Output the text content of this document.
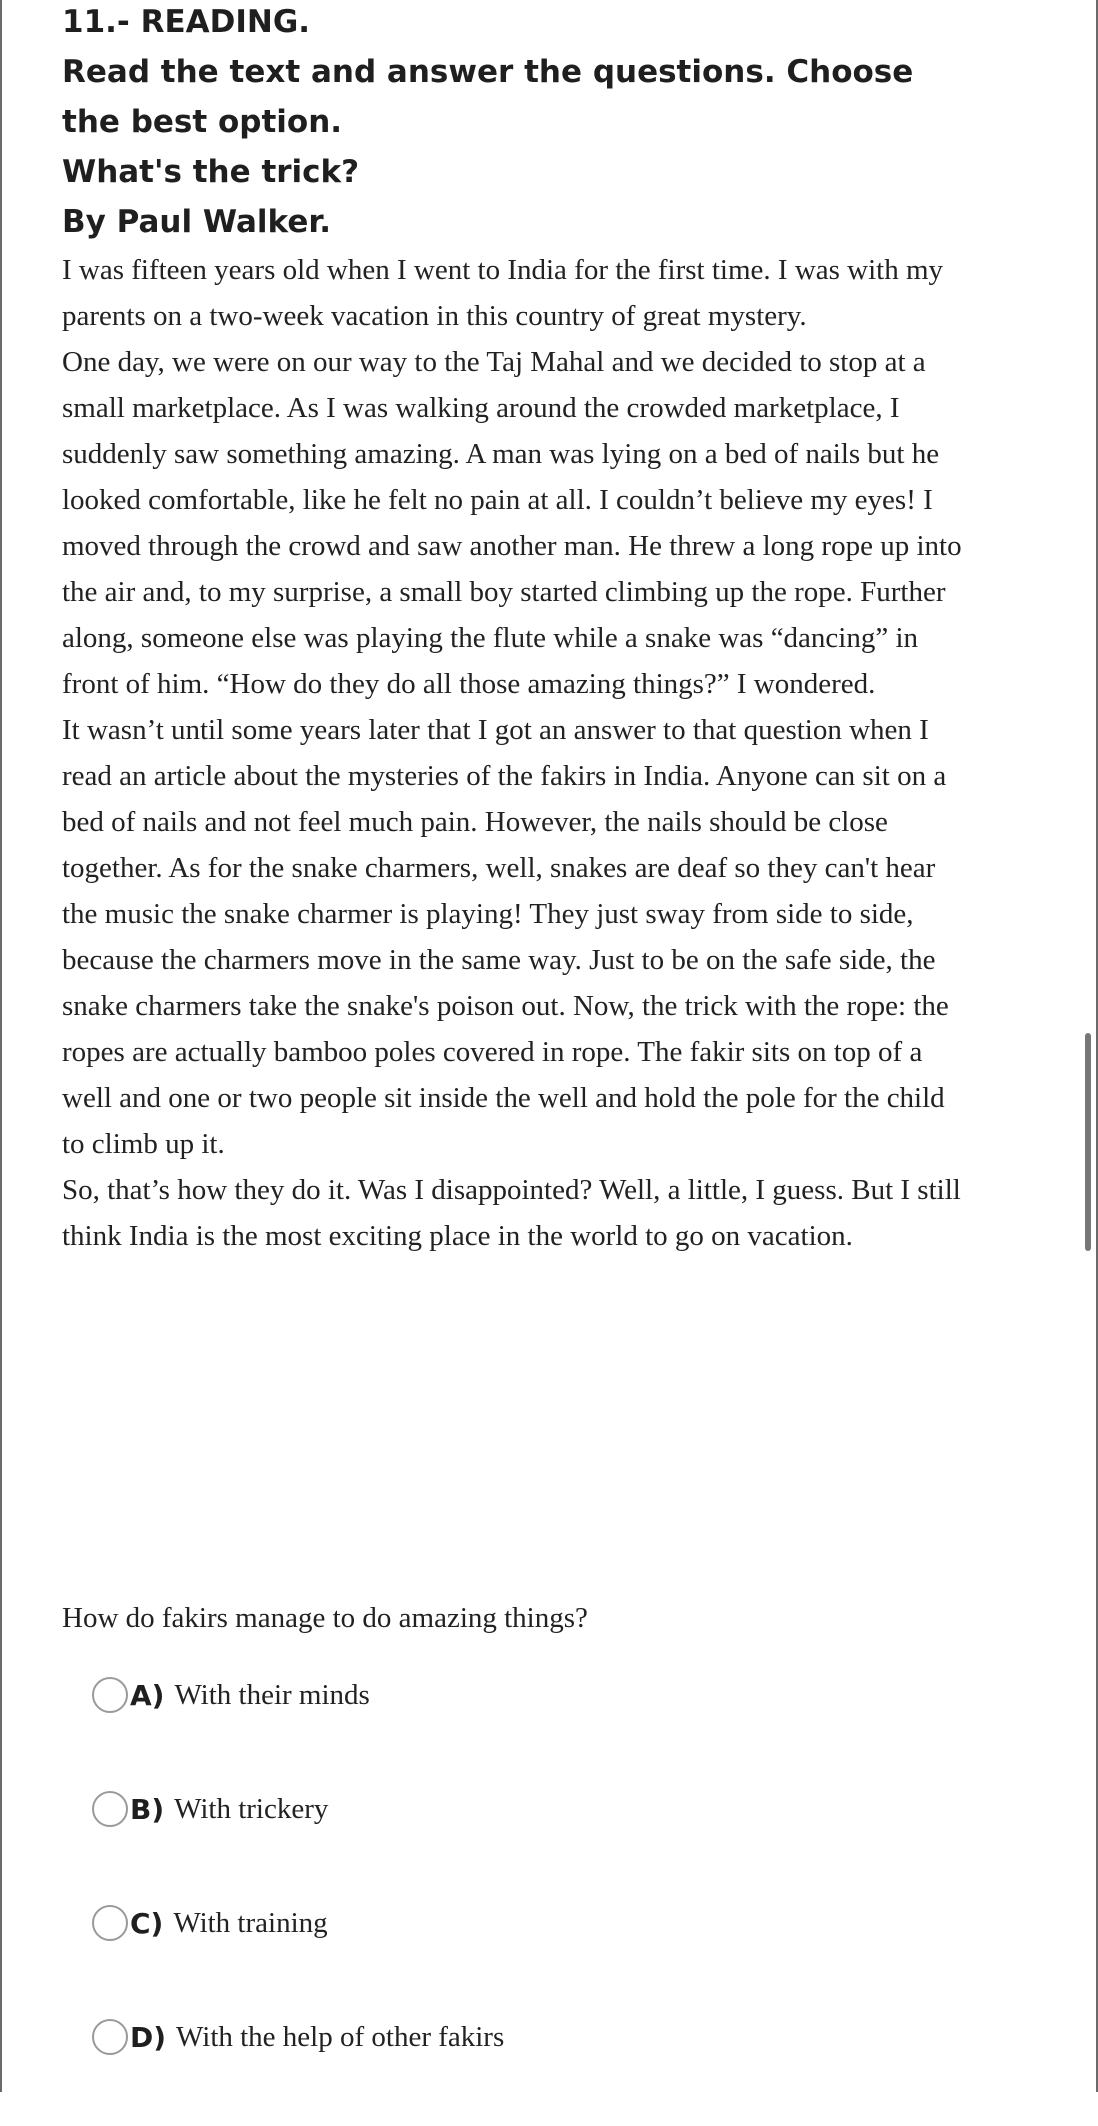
11.- READING.

Read the text and answer the questions. Choose the best option.

What's the trick?

By Paul Walker.

I was fifteen years old when I went to India for the first time. I was with my parents on a two-week vacation in this country of great mystery.

One day, we were on our way to the Taj Mahal and we decided to stop at a small marketplace. As I was walking around the crowded marketplace, I suddenly saw something amazing. A man was lying on a bed of nails but he looked comfortable, like he felt no pain at all. I couldn’t believe my eyes! I moved through the crowd and saw another man. He threw a long rope up into the air and, to my surprise, a small boy started climbing up the rope. Further along, someone else was playing the flute while a snake was “dancing” in front of him. “How do they do all those amazing things?” I wondered.

It wasn’t until some years later that I got an answer to that question when I read an article about the mysteries of the fakirs in India. Anyone can sit on a bed of nails and not feel much pain. However, the nails should be close together. As for the snake charmers, well, snakes are deaf so they can't hear the music the snake charmer is playing! They just sway from side to side, because the charmers move in the same way. Just to be on the safe side, the snake charmers take the snake's poison out. Now, the trick with the rope: the ropes are actually bamboo poles covered in rope. The fakir sits on top of a well and one or two people sit inside the well and hold the pole for the child to climb up it.

So, that’s how they do it. Was I disappointed? Well, a little, I guess. But I still think India is the most exciting place in the world to go on vacation.

How do fakirs manage to do amazing things?

A) With their minds
B) With trickery
C) With training
D) With the help of other fakirs
